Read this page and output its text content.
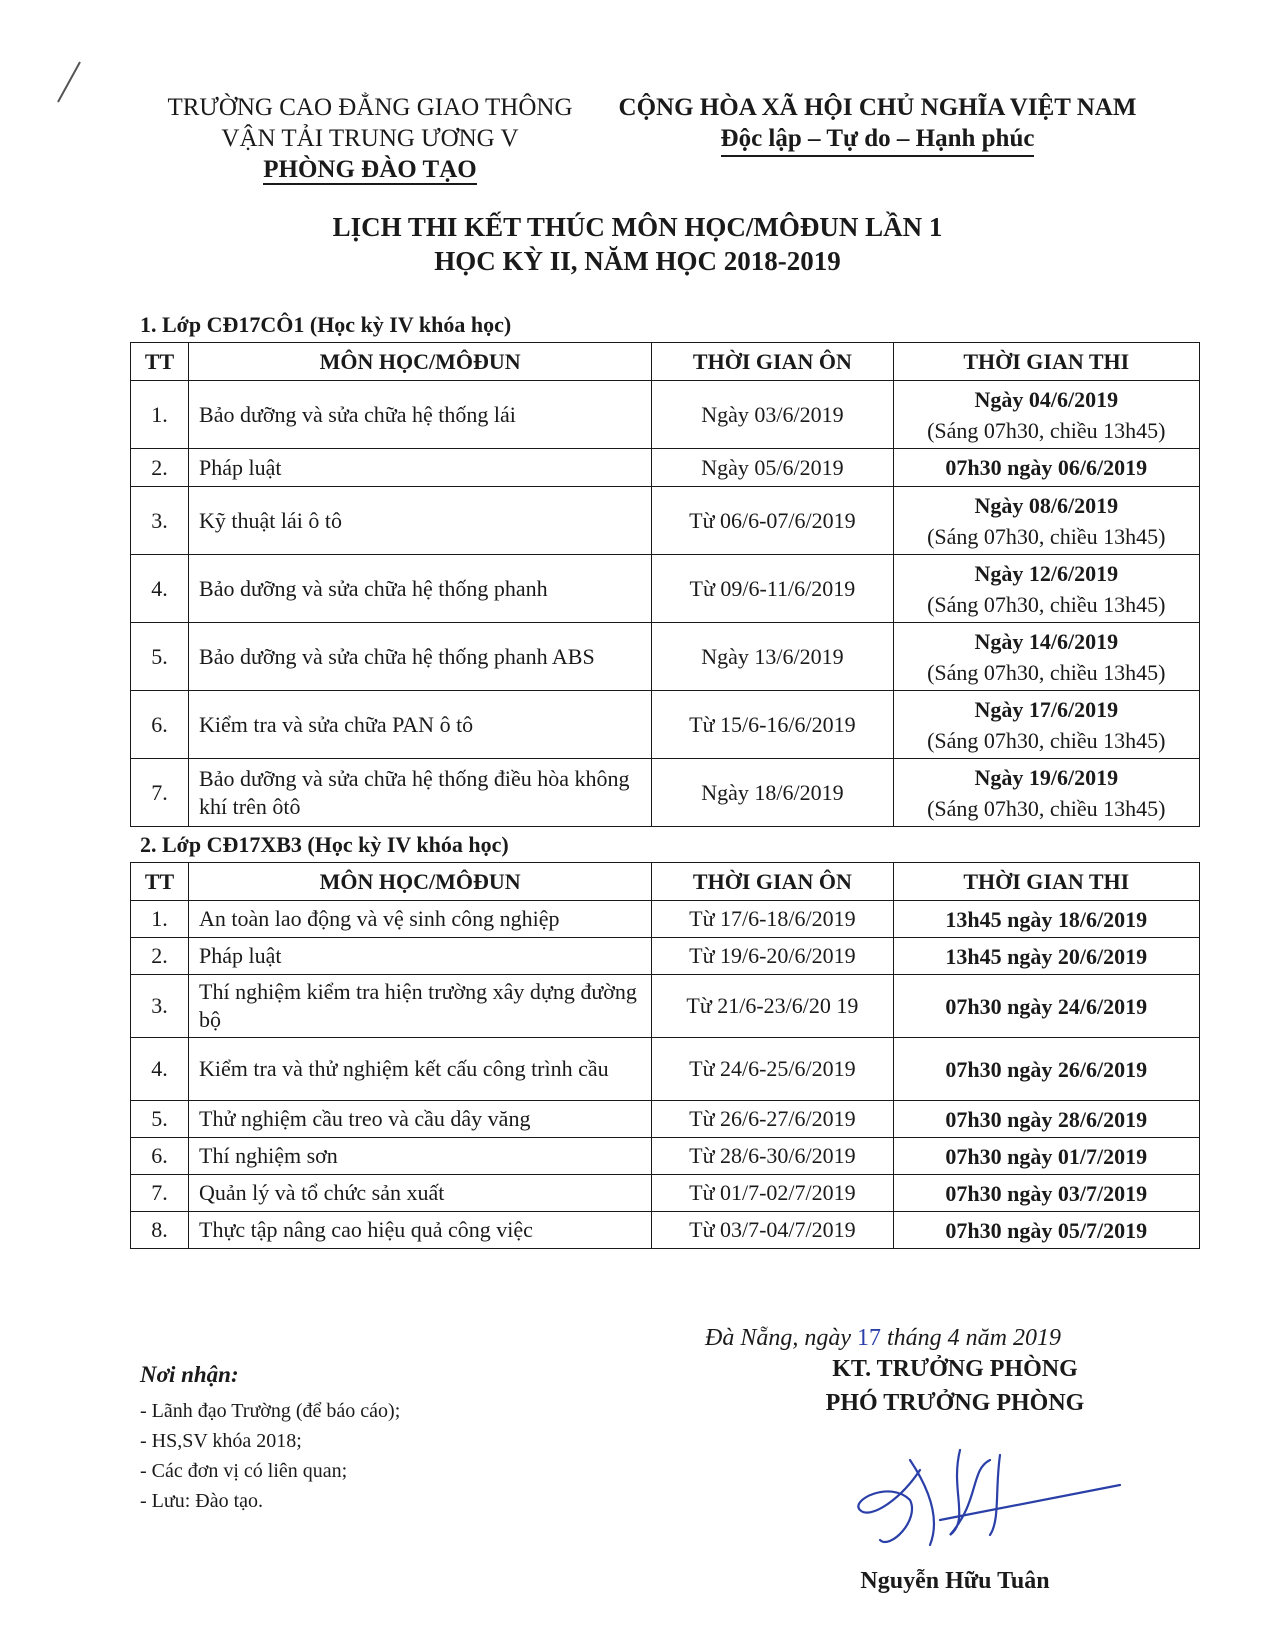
TRƯỜNG CAO ĐẲNG GIAO THÔNG
VẬN TẢI TRUNG ƯƠNG V
PHÒNG ĐÀO TẠO
CỘNG HÒA XÃ HỘI CHỦ NGHĨA VIỆT NAM
Độc lập – Tự do – Hạnh phúc
LỊCH THI KẾT THÚC MÔN HỌC/MÔĐUN LẦN 1
HỌC KỲ II, NĂM HỌC 2018-2019
1. Lớp CĐ17CÔ1 (Học kỳ IV khóa học)
TT	MÔN HỌC/MÔĐUN	THỜI GIAN ÔN	THỜI GIAN THI
1.	Bảo dưỡng và sửa chữa hệ thống lái	Ngày 03/6/2019	Ngày 04/6/2019
(Sáng 07h30, chiều 13h45)

2.	Pháp luật	Ngày 05/6/2019	07h30 ngày 06/6/2019

3.	Kỹ thuật lái ô tô	Từ 06/6-07/6/2019	Ngày 08/6/2019
(Sáng 07h30, chiều 13h45)

4.	Bảo dưỡng và sửa chữa hệ thống phanh	Từ 09/6-11/6/2019	Ngày 12/6/2019
(Sáng 07h30, chiều 13h45)

5.	Bảo dưỡng và sửa chữa hệ thống phanh ABS	Ngày 13/6/2019	Ngày 14/6/2019
(Sáng 07h30, chiều 13h45)

6.	Kiểm tra và sửa chữa PAN ô tô	Từ 15/6-16/6/2019	Ngày 17/6/2019
(Sáng 07h30, chiều 13h45)

7.	Bảo dưỡng và sửa chữa hệ thống điều hòa không khí trên ôtô	Ngày 18/6/2019	Ngày 19/6/2019
(Sáng 07h30, chiều 13h45)
2. Lớp CĐ17XB3 (Học kỳ IV khóa học)
TT	MÔN HỌC/MÔĐUN	THỜI GIAN ÔN	THỜI GIAN THI
1.	An toàn lao động và vệ sinh công nghiệp	Từ 17/6-18/6/2019	13h45 ngày 18/6/2019
2.	Pháp luật	Từ 19/6-20/6/2019	13h45 ngày 20/6/2019
3.	Thí nghiệm kiểm tra hiện trường xây dựng đường bộ	Từ 21/6-23/6/20 19	07h30 ngày 24/6/2019
4.	Kiểm tra và thử nghiệm kết cấu công trình cầu	Từ 24/6-25/6/2019	07h30 ngày 26/6/2019
5.	Thử nghiệm cầu treo và cầu dây văng	Từ 26/6-27/6/2019	07h30 ngày 28/6/2019
6.	Thí nghiệm sơn	Từ 28/6-30/6/2019	07h30 ngày 01/7/2019
7.	Quản lý và tổ chức sản xuất	Từ 01/7-02/7/2019	07h30 ngày 03/7/2019
8.	Thực tập nâng cao hiệu quả công việc	Từ 03/7-04/7/2019	07h30 ngày 05/7/2019
Đà Nẵng, ngày 17 tháng 4 năm 2019
KT. TRƯỞNG PHÒNG
PHÓ TRƯỞNG PHÒNG
Nơi nhận:
- Lãnh đạo Trường (để báo cáo);
- HS,SV khóa 2018;
- Các đơn vị có liên quan;
- Lưu: Đào tạo.
Nguyễn Hữu Tuân
